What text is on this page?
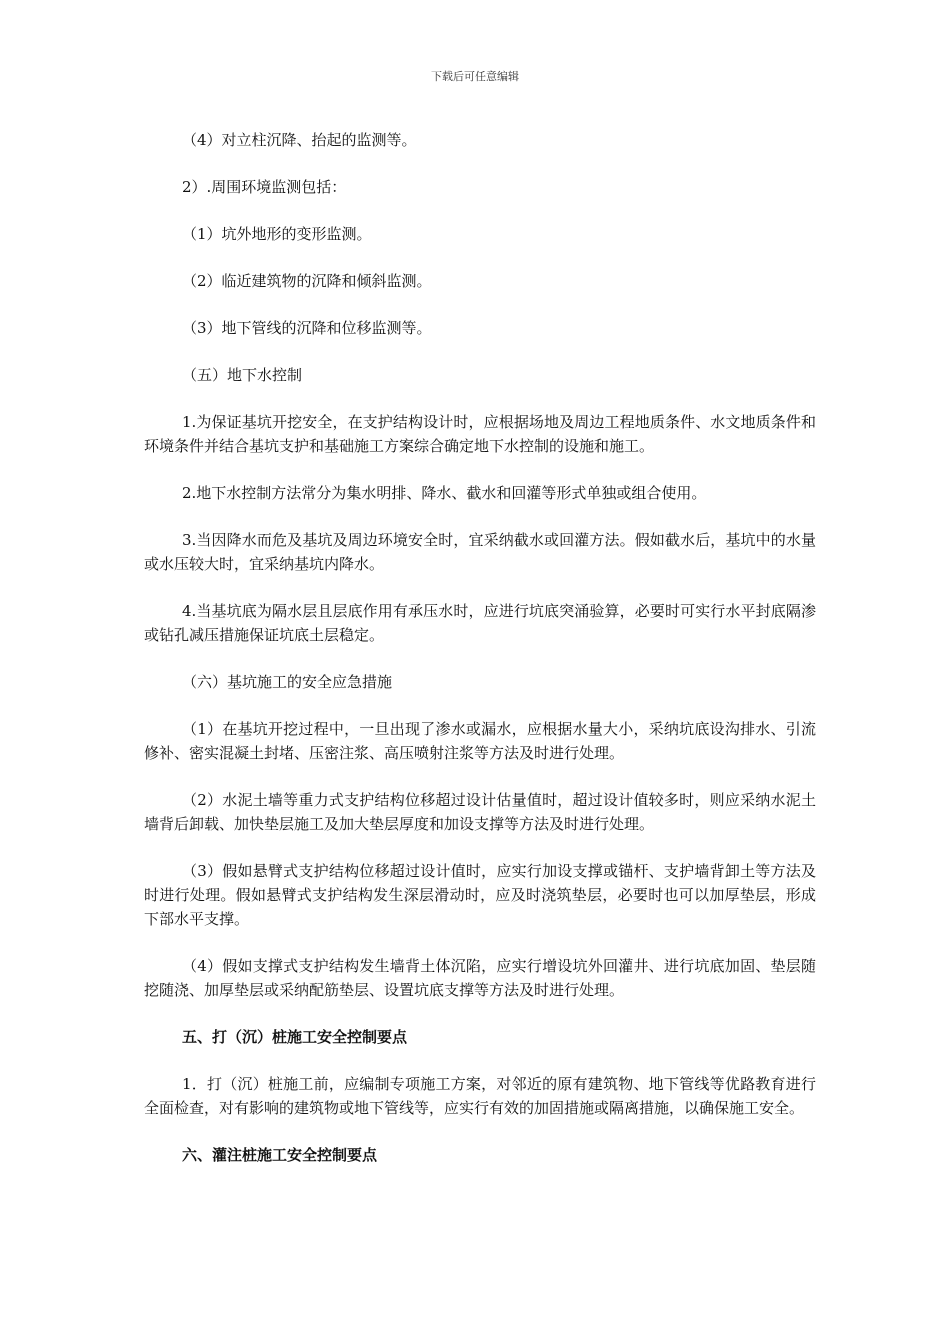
下载后可任意编辑

（4）对立柱沉降、抬起的监测等。

2）.周围环境监测包括：

（1）坑外地形的变形监测。

（2）临近建筑物的沉降和倾斜监测。

（3）地下管线的沉降和位移监测等。

（五）地下水控制

1.为保证基坑开挖安全，在支护结构设计时，应根据场地及周边工程地质条件、水文地质条件和环境条件并结合基坑支护和基础施工方案综合确定地下水控制的设施和施工。

2.地下水控制方法常分为集水明排、降水、截水和回灌等形式单独或组合使用。

3.当因降水而危及基坑及周边环境安全时，宜采纳截水或回灌方法。假如截水后，基坑中的水量或水压较大时，宜采纳基坑内降水。

4.当基坑底为隔水层且层底作用有承压水时，应进行坑底突涌验算，必要时可实行水平封底隔渗或钻孔减压措施保证坑底土层稳定。

（六）基坑施工的安全应急措施

（1）在基坑开挖过程中，一旦出现了渗水或漏水，应根据水量大小，采纳坑底设沟排水、引流修补、密实混凝土封堵、压密注浆、高压喷射注浆等方法及时进行处理。

（2）水泥土墙等重力式支护结构位移超过设计估量值时，超过设计值较多时，则应采纳水泥土墙背后卸载、加快垫层施工及加大垫层厚度和加设支撑等方法及时进行处理。

（3）假如悬臂式支护结构位移超过设计值时，应实行加设支撑或锚杆、支护墙背卸土等方法及时进行处理。假如悬臂式支护结构发生深层滑动时，应及时浇筑垫层，必要时也可以加厚垫层，形成下部水平支撑。

（4）假如支撑式支护结构发生墙背土体沉陷，应实行增设坑外回灌井、进行坑底加固、垫层随挖随浇、加厚垫层或采纳配筋垫层、设置坑底支撑等方法及时进行处理。

五、打（沉）桩施工安全控制要点

1．打（沉）桩施工前，应编制专项施工方案，对邻近的原有建筑物、地下管线等优路教育进行全面检查，对有影响的建筑物或地下管线等，应实行有效的加固措施或隔离措施，以确保施工安全。

六、灌注桩施工安全控制要点
